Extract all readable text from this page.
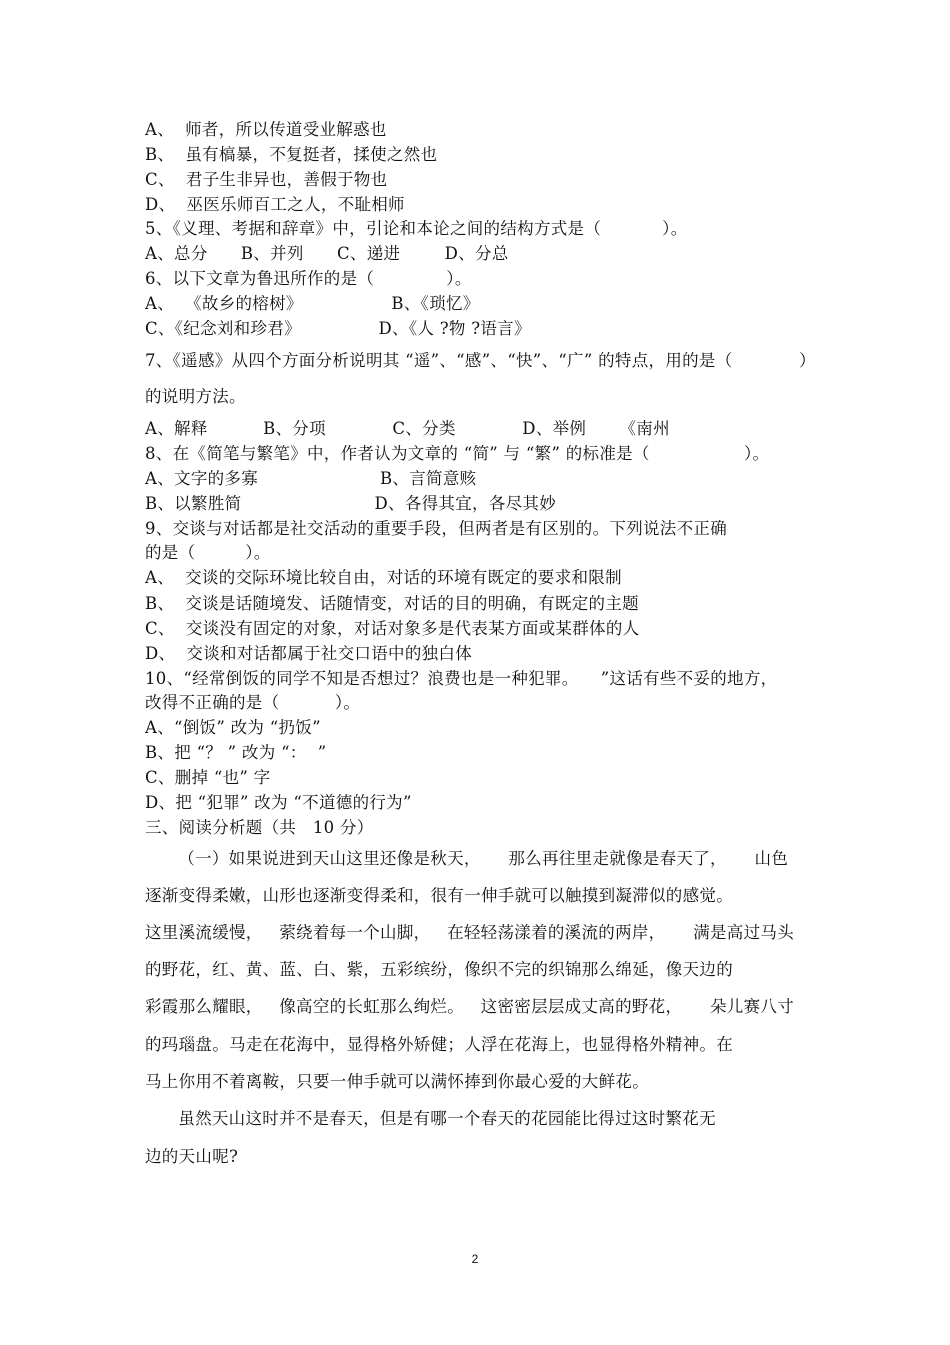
A、  师者，所以传道受业解惑也
B、  虽有槁暴，不复挺者，揉使之然也
C、  君子生非异也，善假于物也
D、  巫医乐师百工之人，不耻相师
5、《义理、考据和辞章》中，引论和本论之间的结构方式是（           ）。
A、总分      B、并列      C、递进        D、分总
6、以下文章为鲁迅所作的是（             ）。
A、  《故乡的榕树》                B、《琐忆》
C、《纪念刘和珍君》              D、《人 ?物 ?语言》
7、《遥感》从四个方面分析说明其 “遥”、“感”、“快”、“广” 的特点，用的是（            ）
的说明方法。
A、解释          B、分项            C、分类            D、举例      《南州
8、在《简笔与繁笔》中，作者认为文章的 “简” 与 “繁” 的标准是（                 ）。
A、文字的多寡                      B、言简意赅
B、以繁胜简                        D、各得其宜，各尽其妙
9、交谈与对话都是社交活动的重要手段，但两者是有区别的。下列说法不正确
的是（         ）。
A、  交谈的交际环境比较自由，对话的环境有既定的要求和限制
B、  交谈是话随境发、话随情变，对话的目的明确，有既定的主题
C、  交谈没有固定的对象，对话对象多是代表某方面或某群体的人
D、  交谈和对话都属于社交口语中的独白体
10、“经常倒饭的同学不知是否想过？浪费也是一种犯罪。    ”这话有些不妥的地方，
改得不正确的是（          ）。
A、“倒饭” 改为 “扔饭”
B、把 “？ ” 改为 “：  ”
C、删掉 “也” 字
D、把 “犯罪” 改为 “不道德的行为”
三、阅读分析题（共   10 分）
（一）如果说进到天山这里还像是秋天，     那么再往里走就像是春天了，     山色
逐渐变得柔嫩，山形也逐渐变得柔和，很有一伸手就可以触摸到凝滞似的感觉。
这里溪流缓慢，   萦绕着每一个山脚，   在轻轻荡漾着的溪流的两岸，     满是高过马头
的野花，红、黄、蓝、白、紫，五彩缤纷，像织不完的织锦那么绵延，像天边的
彩霞那么耀眼，   像高空的长虹那么绚烂。   这密密层层成丈高的野花，     朵儿赛八寸
的玛瑙盘。马走在花海中，显得格外矫健；人浮在花海上，也显得格外精神。在
马上你用不着离鞍，只要一伸手就可以满怀捧到你最心爱的大鲜花。
虽然天山这时并不是春天，但是有哪一个春天的花园能比得过这时繁花无
边的天山呢?
2
